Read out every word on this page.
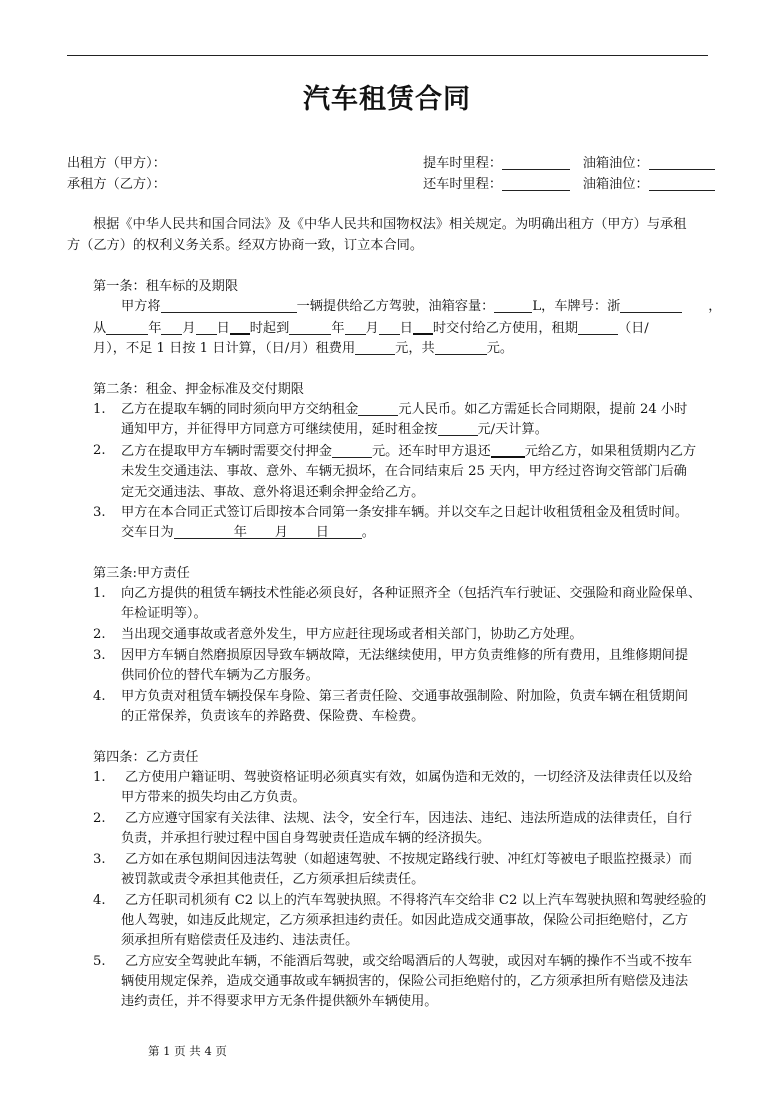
汽车租赁合同
出租方（甲方）：
承租方（乙方）：
提车时里程：	油箱油位：
还车时里程：	油箱油位：
根据《中华人民共和国合同法》及《中华人民共和国物权法》相关规定。为明确出租方（甲方）与承租
方（乙方）的权利义务关系。经双方协商一致，订立本合同。
第一条：租车标的及期限
甲方将	一辆提供给乙方驾驶，油箱容量：	L，车牌号：浙	，
从	年 月 日 时起到	年 月 日 时交付给乙方使用，租期	（日/
月），不足 1 日按 1 日计算，（日/月）租费用	元，共	元。
第二条：租金、押金标准及交付期限
1. 乙方在提取车辆的同时须向甲方交纳租金	元人民币。如乙方需延长合同期限，提前 24 小时
通知甲方，并征得甲方同意方可继续使用，延时租金按	元/天计算。
2. 乙方在提取甲方车辆时需要交付押金	元。还车时甲方退还	元给乙方，如果租赁期内乙方
未发生交通违法、事故、意外、车辆无损坏，在合同结束后 25 天内，甲方经过咨询交管部门后确
定无交通违法、事故、意外将退还剩余押金给乙方。
3. 甲方在本合同正式签订后即按本合同第一条安排车辆。并以交车之日起计收租赁租金及租赁时间。
交车日为	年 月 日 。
第三条:甲方责任
1. 向乙方提供的租赁车辆技术性能必须良好，各种证照齐全（包括汽车行驶证、交强险和商业险保单、
年检证明等）。
2. 当出现交通事故或者意外发生，甲方应赶往现场或者相关部门，协助乙方处理。
3. 因甲方车辆自然磨损原因导致车辆故障，无法继续使用，甲方负责维修的所有费用，且维修期间提
供同价位的替代车辆为乙方服务。
4. 甲方负责对租赁车辆投保车身险、第三者责任险、交通事故强制险、附加险，负责车辆在租赁期间
的正常保养，负责该车的养路费、保险费、车检费。
第四条：乙方责任
1. 乙方使用户籍证明、驾驶资格证明必须真实有效，如属伪造和无效的，一切经济及法律责任以及给
甲方带来的损失均由乙方负责。
2. 乙方应遵守国家有关法律、法规、法令，安全行车，因违法、违纪、违法所造成的法律责任，自行
负责，并承担行驶过程中国自身驾驶责任造成车辆的经济损失。
3. 乙方如在承包期间因违法驾驶（如超速驾驶、不按规定路线行驶、冲红灯等被电子眼监控摄录）而
被罚款或责令承担其他责任，乙方须承担后续责任。
4. 乙方任职司机须有 C2 以上的汽车驾驶执照。不得将汽车交给非 C2 以上汽车驾驶执照和驾驶经验的
他人驾驶，如违反此规定，乙方须承担违约责任。如因此造成交通事故，保险公司拒绝赔付，乙方
须承担所有赔偿责任及违约、违法责任。
5. 乙方应安全驾驶此车辆，不能酒后驾驶，或交给喝酒后的人驾驶，或因对车辆的操作不当或不按车
辆使用规定保养，造成交通事故或车辆损害的，保险公司拒绝赔付的，乙方须承担所有赔偿及违法
违约责任，并不得要求甲方无条件提供额外车辆使用。
第 1 页 共 4 页
